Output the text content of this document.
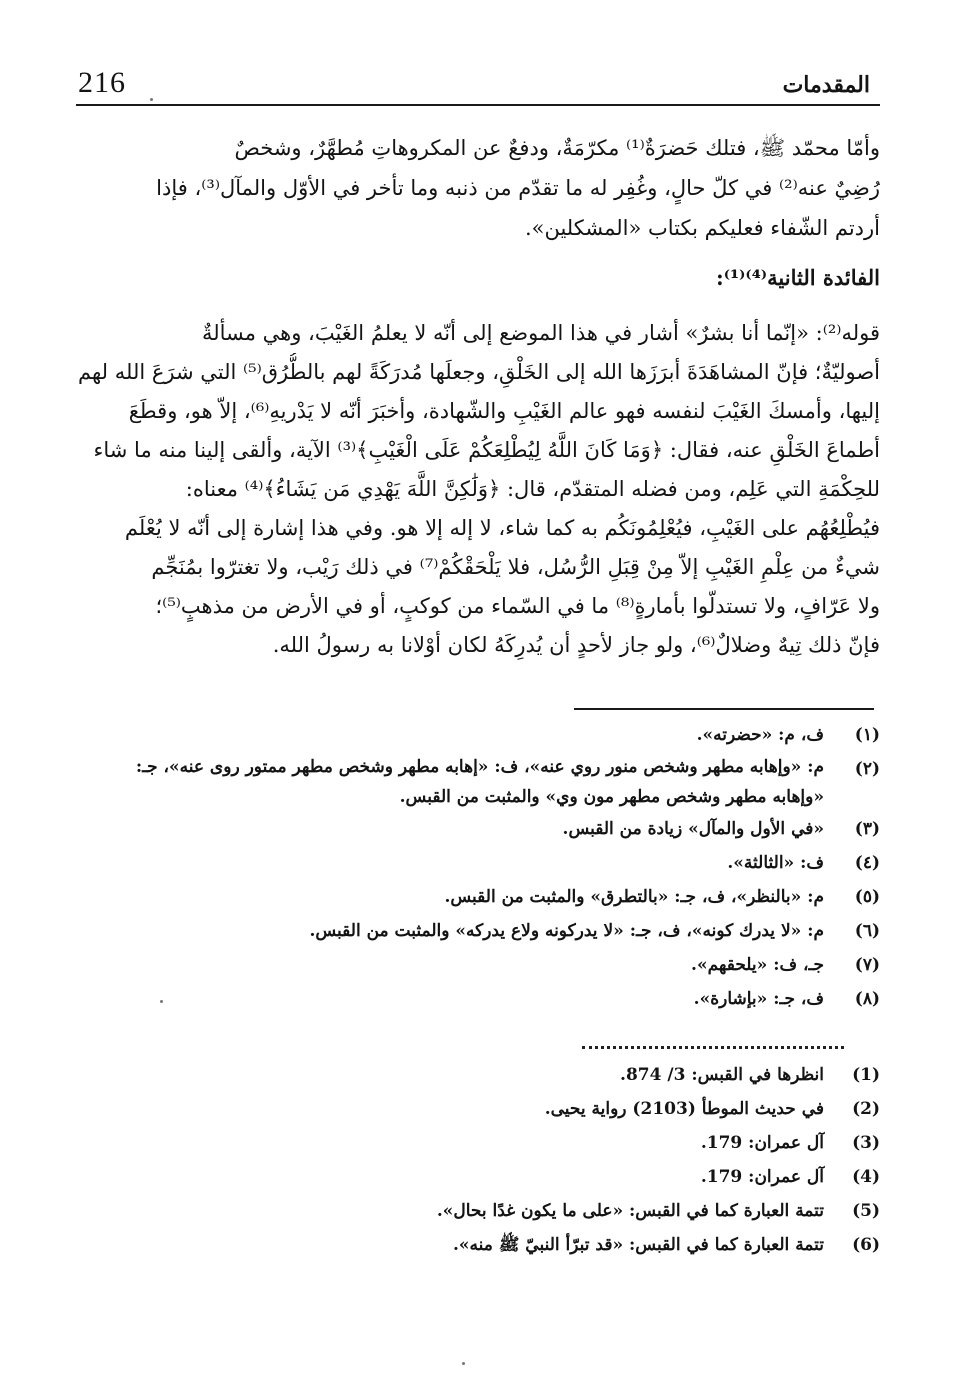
216	المقدمات
وأمّا محمّد ﷺ، فتلك حَضرَةٌ⁽¹⁾ مكرّمَةٌ، ودفعٌ عن المكروهاتِ مُطهَّرٌ، وشخصٌ
رُضِيٌ عنه⁽²⁾ في كلّ حالٍ، وغُفِر له ما تقدّم من ذنبه وما تأخر في الأوّل والمآل⁽³⁾، فإذا
أردتم الشّفاء فعليكم بكتاب «المشكلين».
الفائدة الثانية⁽⁴⁾⁽¹⁾:
قوله⁽²⁾: «إنّما أنا بشرٌ» أشار في هذا الموضع إلى أنّه لا يعلمُ الغَيْبَ، وهي مسألةٌ
أصوليّةٌ؛ فإنّ المشاهَدَةَ أبرَزَها الله إلى الخَلْقِ، وجعلَها مُدرَكَةً لهم بالطُّرُق⁽⁵⁾ التي شرَعَ الله لهم
إليها، وأمسكَ الغَيْبَ لنفسه فهو عالم الغَيْبِ والشّهادة، وأخبَرَ أنّه لا يَدْريهِ⁽⁶⁾، إلاّ هو، وقطَعَ
أطماعَ الخَلْقِ عنه، فقال: ﴿وَمَا كَانَ اللَّهُ لِيُطْلِعَكُمْ عَلَى الْغَيْبِ﴾⁽³⁾ الآية، وألقى إلينا منه ما شاء
للحِكْمَةِ التي عَلِم، ومن فضله المتقدّم، قال: ﴿وَلَٰكِنَّ اللَّهَ يَهْدِي مَن يَشَاءُ﴾⁽⁴⁾ معناه:
فيُطْلِعُهُم على الغَيْبِ، فيُعْلِمُونَكُم به كما شاء، لا إله إلا هو. وفي هذا إشارة إلى أنّه لا يُعْلَم
شيءٌ من عِلْمِ الغَيْبِ إلاّ مِنْ قِبَلِ الرُّسُل، فلا يَلْحَقْكُمْ⁽⁷⁾ في ذلك رَيْب، ولا تغترّوا بمُنَجِّم
ولا عَرّافٍ، ولا تستدلّوا بأمارةٍ⁽⁸⁾ ما في السّماء من كوكبٍ، أو في الأرض من مذهبٍ⁽⁵⁾؛
فإنّ ذلك تِيهٌ وضلالٌ⁽⁶⁾، ولو جاز لأحدٍ أن يُدرِكَهُ لكان أوْلانا به رسولُ الله.
(١)
ف، م: «حضرته».
(٢)
م: «وإهابه مطهر وشخص منور روي عنه»، ف: «إهابه مطهر وشخص مطهر ممتور روى عنه»، جـ: «وإهابه مطهر وشخص مطهر مون وي» والمثبت من القبس.
(٣)
«في الأول والمآل» زيادة من القبس.
(٤)
ف: «الثالثة».
(٥)
م: «بالنظر»، ف، جـ: «بالتطرق» والمثبت من القبس.
(٦)
م: «لا يدرك كونه»، ف، جـ: «لا يدركونه ولاع يدركه» والمثبت من القبس.
(٧)
جـ، ف: «يلحقهم».
(٨)
ف، جـ: «بإشارة».
(1)
انظرها في القبس: 3/ 874.
(2)
في حديث الموطأ (2103) رواية يحيى.
(3)
آل عمران: 179.
(4)
آل عمران: 179.
(5)
تتمة العبارة كما في القبس: «على ما يكون غدًا بحال».
(6)
تتمة العبارة كما في القبس: «قد تبرّأ النبيّ ﷺ منه».
